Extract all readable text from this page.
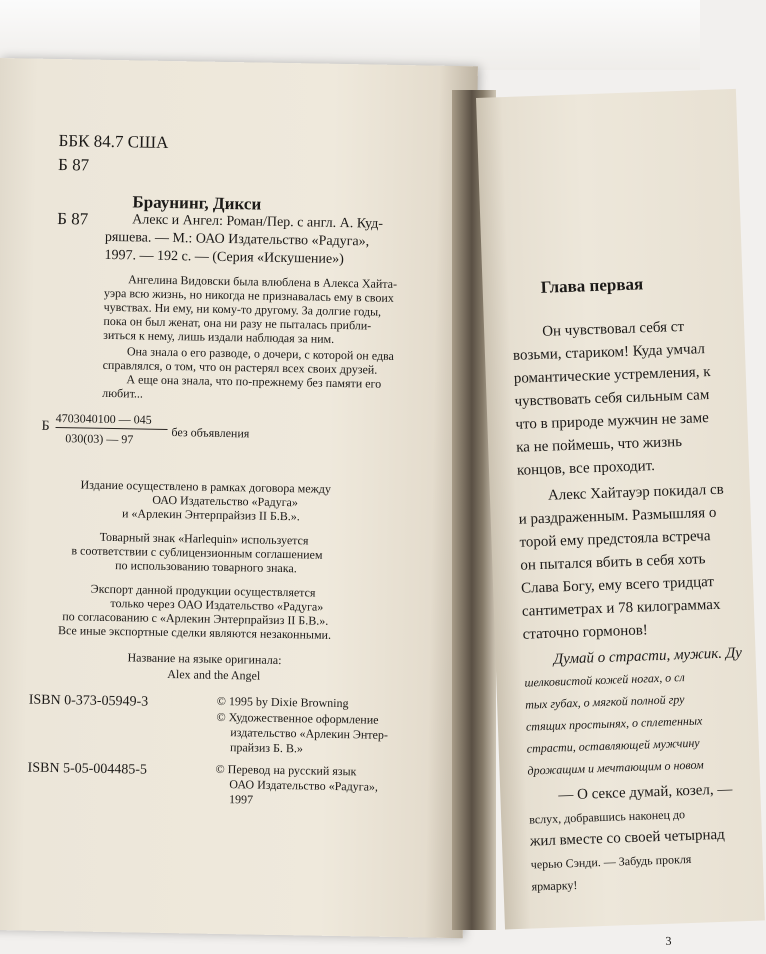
ББК 84.7 США
Б 87
Браунинг, Дикси
Б 87	Алекс и Ангел: Роман/Пер. с англ. А. Куд-
ряшева. — М.: ОАО Издательство «Радуга»,
1997. — 192 с. — (Серия «Искушение»)
Ангелина Видовски была влюблена в Алекса Хайта-
уэра всю жизнь, но никогда не признавалась ему в своих
чувствах. Ни ему, ни кому-то другому. За долгие годы,
пока он был женат, она ни разу не пыталась прибли-
зиться к нему, лишь издали наблюдая за ним.
Она знала о его разводе, о дочери, с которой он едва
справлялся, о том, что он растерял всех своих друзей.
А еще она знала, что по-прежнему без памяти его
любит...
Б 4703040100 — 045
030(03) — 97	без объявления
Издание осуществлено в рамках договора между
ОАО Издательство «Радуга»
и «Арлекин Энтерпрайзиз II Б.В.».
Товарный знак «Harlequin» используется
в соответствии с сублицензионным соглашением
по использованию товарного знака.
Экспорт данной продукции осуществляется
только через ОАО Издательство «Радуга»
по согласованию с «Арлекин Энтерпрайзиз II Б.В.».
Все иные экспортные сделки являются незаконными.
Название на языке оригинала:
Alex and the Angel
ISBN 0-373-05949-3	© 1995 by Dixie Browning
© Художественное оформление
издательство «Арлекин Энтер-
прайзиз Б. В.»
ISBN 5-05-004485-5	© Перевод на русский язык
ОАО Издательство «Радуга»,
1997
Глава первая
Он чувствовал себя ст
возьми, стариком! Куда умчал
романтические устремления, к
чувствовать себя сильным сам
что в природе мужчин не заме
ка не поймешь, что жизнь
концов, все проходит.
Алекс Хайтауэр покидал св
и раздраженным. Размышляя о
торой ему предстояла встреча
он пытался вбить в себя хоть
Слава Богу, ему всего тридцат
сантиметрах и 78 килограммах
статочно гормонов!
Думай о страсти, мужик. Ду
шелковистой кожей ногах, о сл
тых губах, о мягкой полной гру
стящих простынях, о сплетенных
страсти, оставляющей мужчину
дрожащим и мечтающим о новом
— О сексе думай, козел, —
вслух, добравшись наконец до
жил вместе со своей четырнад
черью Сэнди. — Забудь прокля
ярмарку!
3
